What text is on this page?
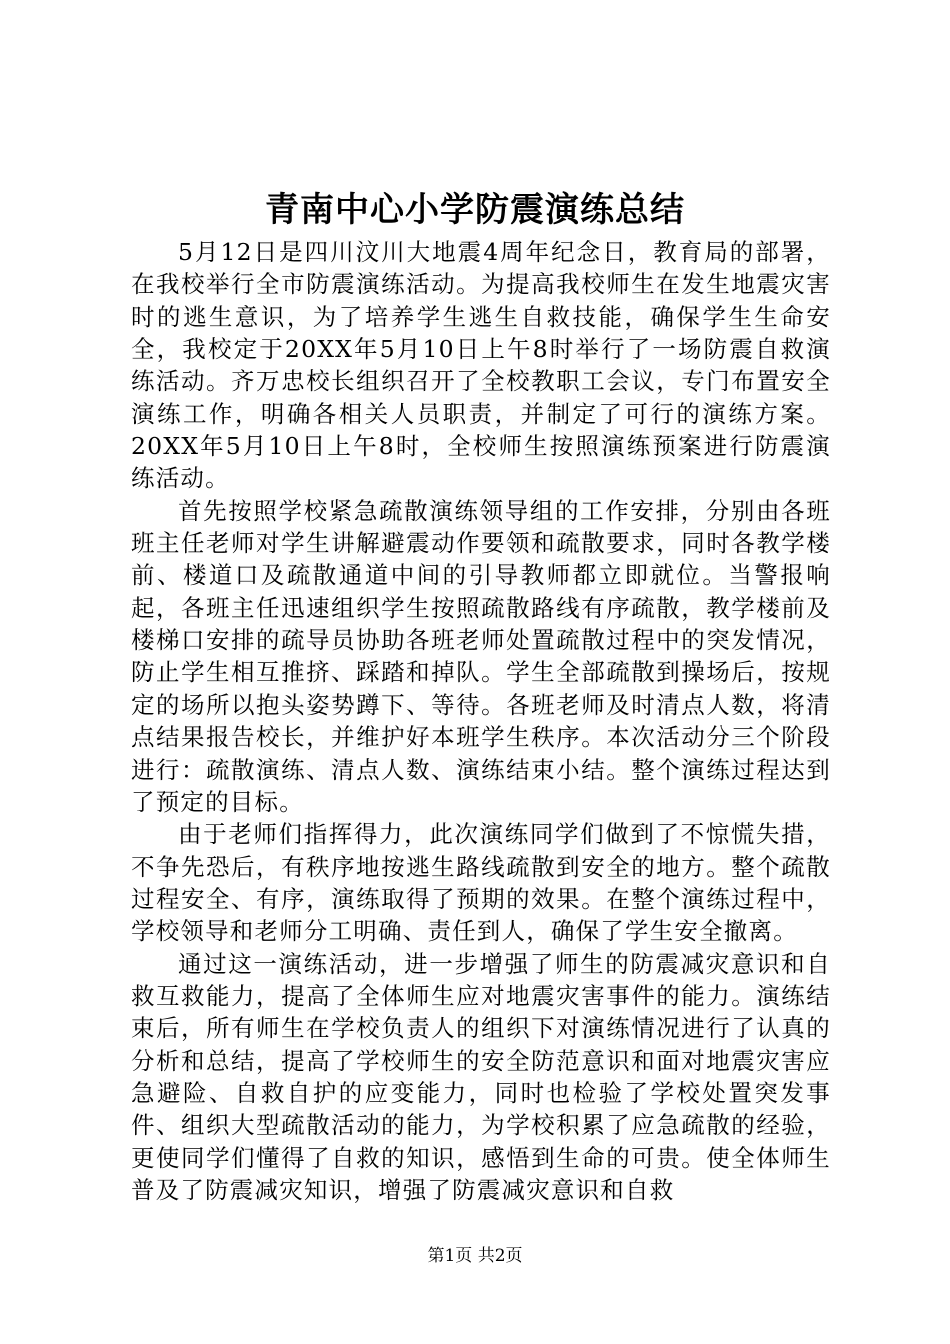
青南中心小学防震演练总结

5月12日是四川汶川大地震4周年纪念日，教育局的部署，在我校举行全市防震演练活动。为提高我校师生在发生地震灾害时的逃生意识，为了培养学生逃生自救技能，确保学生生命安全，我校定于20XX年5月10日上午8时举行了一场防震自救演练活动。齐万忠校长组织召开了全校教职工会议，专门布置安全演练工作，明确各相关人员职责，并制定了可行的演练方案。20XX年5月10日上午8时，全校师生按照演练预案进行防震演练活动。

首先按照学校紧急疏散演练领导组的工作安排，分别由各班班主任老师对学生讲解避震动作要领和疏散要求，同时各教学楼前、楼道口及疏散通道中间的引导教师都立即就位。当警报响起，各班主任迅速组织学生按照疏散路线有序疏散，教学楼前及楼梯口安排的疏导员协助各班老师处置疏散过程中的突发情况，防止学生相互推挤、踩踏和掉队。学生全部疏散到操场后，按规定的场所以抱头姿势蹲下、等待。各班老师及时清点人数，将清点结果报告校长，并维护好本班学生秩序。本次活动分三个阶段进行：疏散演练、清点人数、演练结束小结。整个演练过程达到了预定的目标。

由于老师们指挥得力，此次演练同学们做到了不惊慌失措，不争先恐后，有秩序地按逃生路线疏散到安全的地方。整个疏散过程安全、有序，演练取得了预期的效果。在整个演练过程中，学校领导和老师分工明确、责任到人，确保了学生安全撤离。

通过这一演练活动，进一步增强了师生的防震减灾意识和自救互救能力，提高了全体师生应对地震灾害事件的能力。演练结束后，所有师生在学校负责人的组织下对演练情况进行了认真的分析和总结，提高了学校师生的安全防范意识和面对地震灾害应急避险、自救自护的应变能力，同时也检验了学校处置突发事件、组织大型疏散活动的能力，为学校积累了应急疏散的经验，更使同学们懂得了自救的知识，感悟到生命的可贵。使全体师生普及了防震减灾知识，增强了防震减灾意识和自救

第1页 共2页
